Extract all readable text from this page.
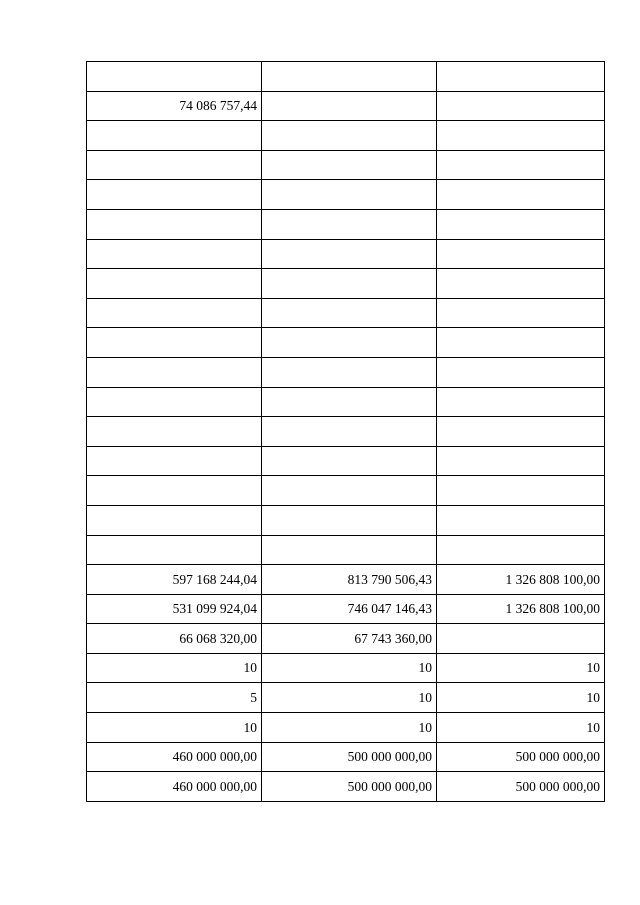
74 086 757,44		

597 168 244,04	813 790 506,43	1 326 808 100,00
531 099 924,04	746 047 146,43	1 326 808 100,00
66 068 320,00	67 743 360,00	
10	10	10
5	10	10
10	10	10
460 000 000,00	500 000 000,00	500 000 000,00
460 000 000,00	500 000 000,00	500 000 000,00
